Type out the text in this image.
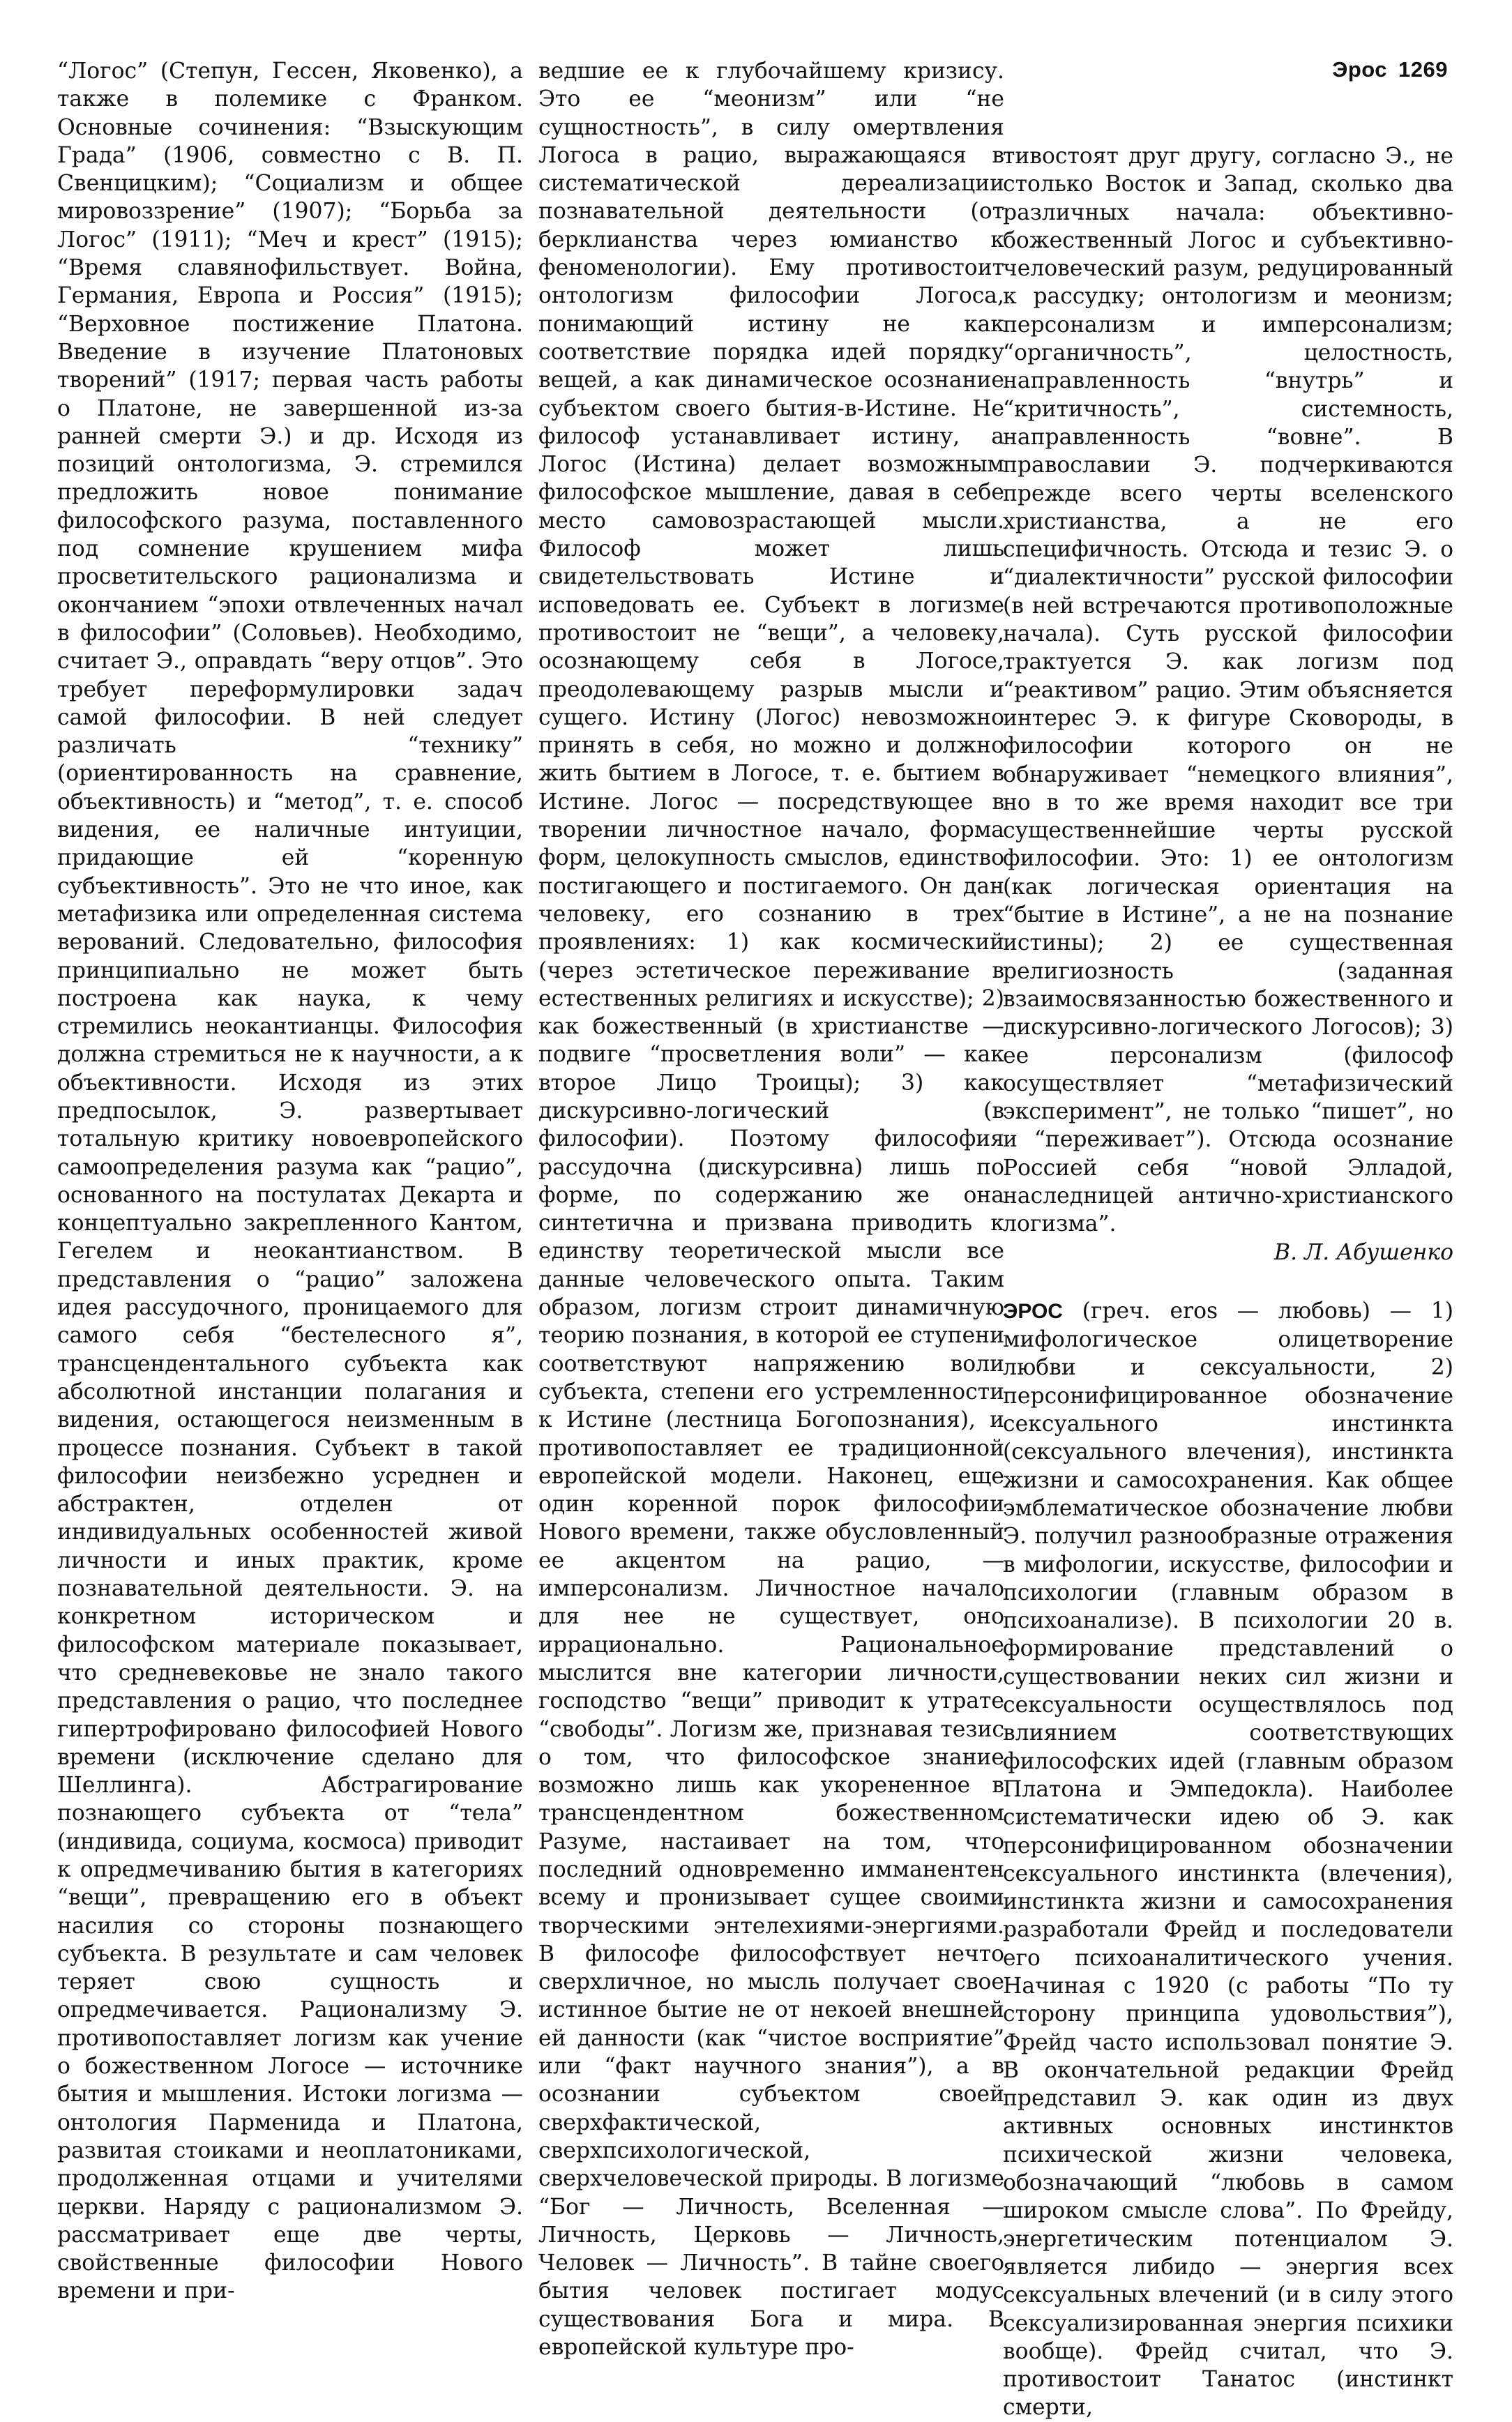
Эрос 1269

“Логос” (Степун, Гессен, Яковенко), а также в полемике с Франком. Основные сочинения: “Взыскующим Града” (1906, совместно с В. П. Свенцицким); “Социализм и общее мировоззрение” (1907); “Борьба за Логос” (1911); “Меч и крест” (1915); “Время славянофильствует. Война, Германия, Европа и Россия” (1915); “Верховное постижение Платона. Введение в изучение Платоновых творений” (1917; первая часть работы о Платоне, не завершенной из-за ранней смерти Э.) и др. Исходя из позиций онтологизма, Э. стремился предложить новое понимание философского разума, поставленного под сомнение крушением мифа просветительского рационализма и окончанием “эпохи отвлеченных начал в философии” (Соловьев). Необходимо, считает Э., оправдать “веру отцов”. Это требует переформулировки задач самой философии. В ней следует различать “технику” (ориентированность на сравнение, объективность) и “метод”, т. е. способ видения, ее наличные интуиции, придающие ей “коренную субъективность”. Это не что иное, как метафизика или определенная система верований. Следовательно, философия принципиально не может быть построена как наука, к чему стремились неокантианцы. Философия должна стремиться не к научности, а к объективности. Исходя из этих предпосылок, Э. развертывает тотальную критику новоевропейского самоопределения разума как “рацио”, основанного на постулатах Декарта и концептуально закрепленного Кантом, Гегелем и неокантианством. В представления о “рацио” заложена идея рассудочного, проницаемого для самого себя “бестелесного я”, трансцендентального субъекта как абсолютной инстанции полагания и видения, остающегося неизменным в процессе познания. Субъект в такой философии неизбежно усреднен и абстрактен, отделен от индивидуальных особенностей живой личности и иных практик, кроме познавательной деятельности. Э. на конкретном историческом и философском материале показывает, что средневековье не знало такого представления о рацио, что последнее гипертрофировано философией Нового времени (исключение сделано для Шеллинга). Абстрагирование познающего субъекта от “тела” (индивида, социума, космоса) приводит к опредмечиванию бытия в категориях “вещи”, превращению его в объект насилия со стороны познающего субъекта. В результате и сам человек теряет свою сущность и опредмечивается. Рационализму Э. противопоставляет логизм как учение о божественном Логосе — источнике бытия и мышления. Истоки логизма — онтология Парменида и Платона, развитая стоиками и неоплатониками, продолженная отцами и учителями церкви. Наряду с рационализмом Э. рассматривает еще две черты, свойственные философии Нового времени и при-

ведшие ее к глубочайшему кризису. Это ее “меонизм” или “не сущностность”, в силу омертвления Логоса в рацио, выражающаяся в систематической дереализации познавательной деятельности (от берклианства через юмианство к феноменологии). Ему противостоит онтологизм философии Логоса, понимающий истину не как соответствие порядка идей порядку вещей, а как динамическое осознание субъектом своего бытия-в-Истине. Не философ устанавливает истину, а Логос (Истина) делает возможным философское мышление, давая в себе место самовозрастающей мысли. Философ может лишь свидетельствовать Истине и исповедовать ее. Субъект в логизме противостоит не “вещи”, а человеку, осознающему себя в Логосе, преодолевающему разрыв мысли и сущего. Истину (Логос) невозможно принять в себя, но можно и должно жить бытием в Логосе, т. е. бытием в Истине. Логос — посредствующее в творении личностное начало, форма форм, целокупность смыслов, единство постигающего и постигаемого. Он дан человеку, его сознанию в трех проявлениях: 1) как космический (через эстетическое переживание в естественных религиях и искусстве); 2) как божественный (в христианстве — подвиге “просветления воли” — как второе Лицо Троицы); 3) как дискурсивно-логический (в философии). Поэтому философия рассудочна (дискурсивна) лишь по форме, по содержанию же она синтетична и призвана приводить к единству теоретической мысли все данные человеческого опыта. Таким образом, логизм строит динамичную теорию познания, в которой ее ступени соответствуют напряжению воли субъекта, степени его устремленности к Истине (лестница Богопознания), и противопоставляет ее традиционной европейской модели. Наконец, еще один коренной порок философии Нового времени, также обусловленный ее акцентом на рацио, — имперсонализм. Личностное начало для нее не существует, оно иррационально. Рациональное мыслится вне категории личности, господство “вещи” приводит к утрате “свободы”. Логизм же, признавая тезис о том, что философское знание возможно лишь как укорененное в трансцендентном божественном Разуме, настаивает на том, что последний одновременно имманентен всему и пронизывает сущее своими творческими энтелехиями-энергиями. В философе философствует нечто сверхличное, но мысль получает свое истинное бытие не от некоей внешней ей данности (как “чистое восприятие” или “факт научного знания”), а в осознании субъектом своей сверхфактической, сверхпсихологической, сверхчеловеческой природы. В логизме “Бог — Личность, Вселенная — Личность, Церковь — Личность, Человек — Личность”. В тайне своего бытия человек постигает модус существования Бога и мира. В европейской культуре про-

тивостоят друг другу, согласно Э., не столько Восток и Запад, сколько два различных начала: объективно-божественный Логос и субъективно-человеческий разум, редуцированный к рассудку; онтологизм и меонизм; персонализм и имперсонализм; “органичность”, целостность, направленность “внутрь” и “критичность”, системность, направленность “вовне”. В православии Э. подчеркиваются прежде всего черты вселенского христианства, а не его специфичность. Отсюда и тезис Э. о “диалектичности” русской философии (в ней встречаются противоположные начала). Суть русской философии трактуется Э. как логизм под “реактивом” рацио. Этим объясняется интерес Э. к фигуре Сковороды, в философии которого он не обнаруживает “немецкого влияния”, но в то же время находит все три существеннейшие черты русской философии. Это: 1) ее онтологизм (как логическая ориентация на “бытие в Истине”, а не на познание истины); 2) ее существенная религиозность (заданная взаимосвязанностью божественного и дискурсивно-логического Логосов); 3) ее персонализм (философ осуществляет “метафизический эксперимент”, не только “пишет”, но и “переживает”). Отсюда осознание Россией себя “новой Элладой, наследницей антично-христианского логизма”.

В. Л. Абушенко

ЭРОС (греч. eros — любовь) — 1) мифологическое олицетворение любви и сексуальности, 2) персонифицированное обозначение сексуального инстинкта (сексуального влечения), инстинкта жизни и самосохранения. Как общее эмблематическое обозначение любви Э. получил разнообразные отражения в мифологии, искусстве, философии и психологии (главным образом в психоанализе). В психологии 20 в. формирование представлений о существовании неких сил жизни и сексуальности осуществлялось под влиянием соответствующих философских идей (главным образом Платона и Эмпедокла). Наиболее систематически идею об Э. как персонифицированном обозначении сексуального инстинкта (влечения), инстинкта жизни и самосохранения разработали Фрейд и последователи его психоаналитического учения. Начиная с 1920 (с работы “По ту сторону принципа удовольствия”), Фрейд часто использовал понятие Э. В окончательной редакции Фрейд представил Э. как один из двух активных основных инстинктов психической жизни человека, обозначающий “любовь в самом широком смысле слова”. По Фрейду, энергетическим потенциалом Э. является либидо — энергия всех сексуальных влечений (и в силу этого сексуализированная энергия психики вообще). Фрейд считал, что Э. противостоит Танатос (инстинкт смерти,
